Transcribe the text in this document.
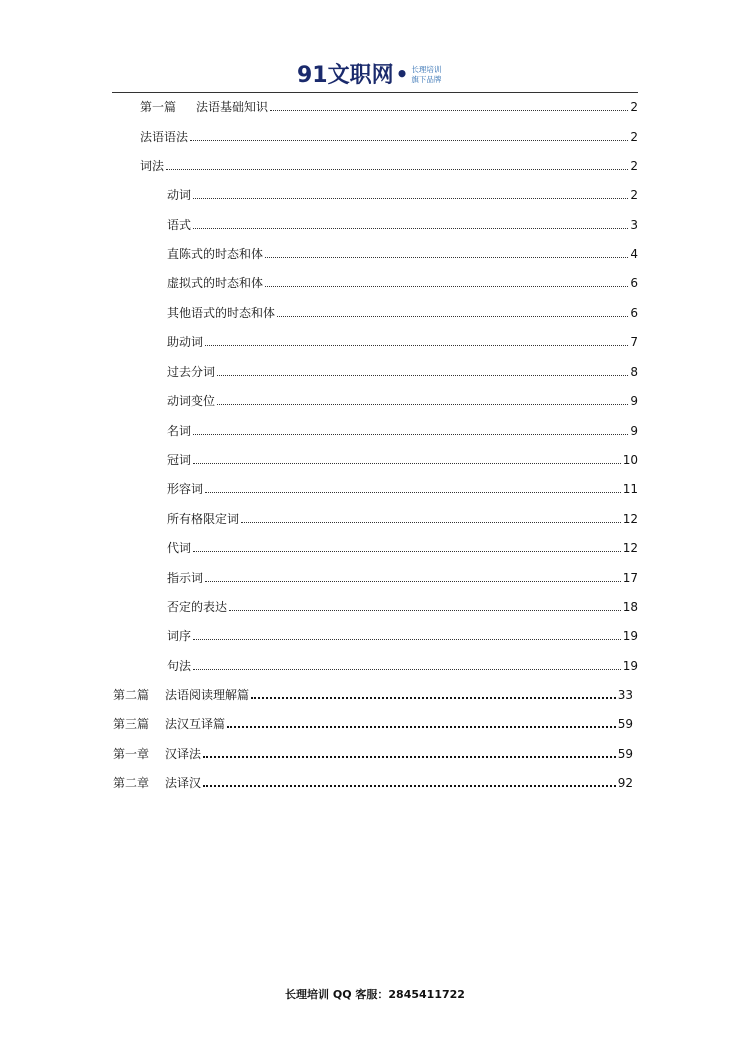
91文职网 • 长理培训
旗下品牌
第一篇 法语基础知识	2
法语语法	2
词法	2
动词	2
语式	3
直陈式的时态和体	4
虚拟式的时态和体	6
其他语式的时态和体	6
助动词	7
过去分词	8
动词变位	9
名词	9
冠词	10
形容词	11
所有格限定词	12
代词	12
指示词	17
否定的表达	18
词序	19
句法	19
第二篇 法语阅读理解篇	33
第三篇 法汉互译篇	59
第一章 汉译法	59
第二章 法译汉	92
长理培训 QQ 客服：2845411722
